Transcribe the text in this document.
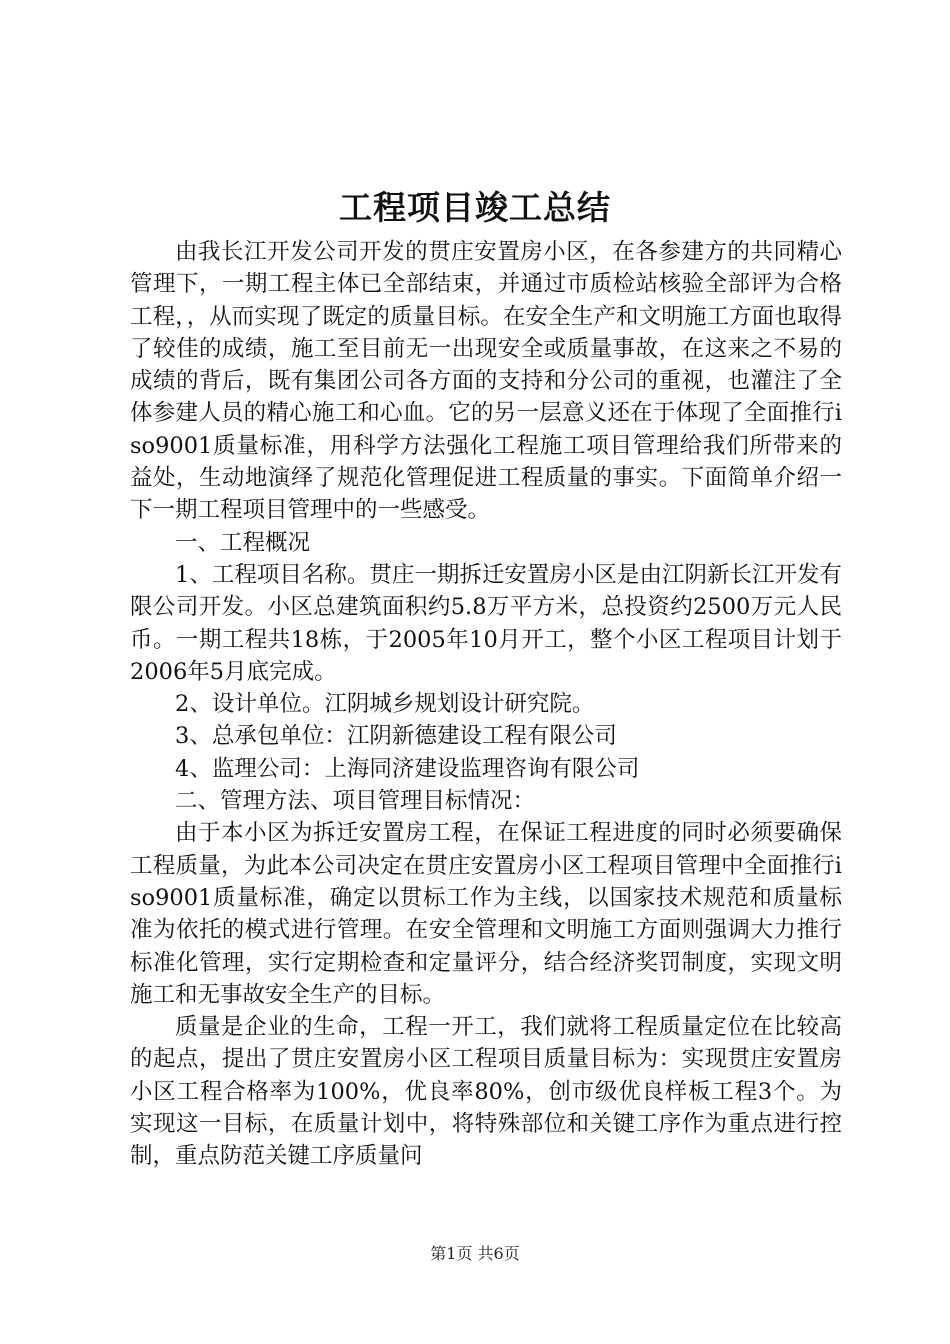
工程项目竣工总结

由我长江开发公司开发的贯庄安置房小区，在各参建方的共同精心管理下，一期工程主体已全部结束，并通过市质检站核验全部评为合格工程，，从而实现了既定的质量目标。在安全生产和文明施工方面也取得了较佳的成绩，施工至目前无一出现安全或质量事故，在这来之不易的成绩的背后，既有集团公司各方面的支持和分公司的重视，也灌注了全体参建人员的精心施工和心血。它的另一层意义还在于体现了全面推行iso9001质量标准，用科学方法强化工程施工项目管理给我们所带来的益处，生动地演绎了规范化管理促进工程质量的事实。下面简单介绍一下一期工程项目管理中的一些感受。

一、工程概况

1、工程项目名称。贯庄一期拆迁安置房小区是由江阴新长江开发有限公司开发。小区总建筑面积约5.8万平方米，总投资约2500万元人民币。一期工程共18栋，于2005年10月开工，整个小区工程项目计划于2006年5月底完成。

2、设计单位。江阴城乡规划设计研究院。

3、总承包单位：江阴新德建设工程有限公司

4、监理公司：上海同济建设监理咨询有限公司

二、管理方法、项目管理目标情况：

由于本小区为拆迁安置房工程，在保证工程进度的同时必须要确保工程质量，为此本公司决定在贯庄安置房小区工程项目管理中全面推行iso9001质量标准，确定以贯标工作为主线，以国家技术规范和质量标准为依托的模式进行管理。在安全管理和文明施工方面则强调大力推行标准化管理，实行定期检查和定量评分，结合经济奖罚制度，实现文明施工和无事故安全生产的目标。

质量是企业的生命，工程一开工，我们就将工程质量定位在比较高的起点，提出了贯庄安置房小区工程项目质量目标为：实现贯庄安置房小区工程合格率为100%，优良率80%，创市级优良样板工程3个。为实现这一目标，在质量计划中，将特殊部位和关键工序作为重点进行控制，重点防范关键工序质量问

第1页 共6页
